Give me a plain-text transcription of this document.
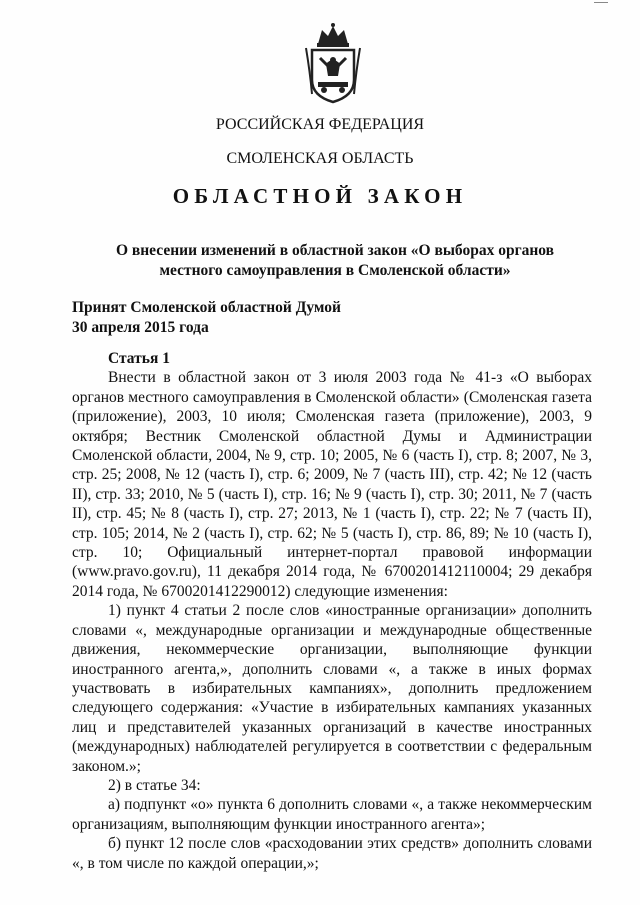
РОССИЙСКАЯ ФЕДЕРАЦИЯ
СМОЛЕНСКАЯ ОБЛАСТЬ
ОБЛАСТНОЙ ЗАКОН
О внесении изменений в областной закон «О выборах органов местного самоуправления в Смоленской области»
Принят Смоленской областной Думой
30 апреля 2015 года
Статья 1

Внести в областной закон от 3 июля 2003 года № 41-з «О выборах органов местного самоуправления в Смоленской области» (Смоленская газета (приложение), 2003, 10 июля; Смоленская газета (приложение), 2003, 9 октября; Вестник Смоленской областной Думы и Администрации Смоленской области, 2004, № 9, стр. 10; 2005, № 6 (часть I), стр. 8; 2007, № 3, стр. 25; 2008, № 12 (часть I), стр. 6; 2009, № 7 (часть III), стр. 42; № 12 (часть II), стр. 33; 2010, № 5 (часть I), стр. 16; № 9 (часть I), стр. 30; 2011, № 7 (часть II), стр. 45; № 8 (часть I), стр. 27; 2013, № 1 (часть I), стр. 22; № 7 (часть II), стр. 105; 2014, № 2 (часть I), стр. 62; № 5 (часть I), стр. 86, 89; № 10 (часть I), стр. 10; Официальный интернет-портал правовой информации (www.pravo.gov.ru), 11 декабря 2014 года, № 6700201412110004; 29 декабря 2014 года, № 6700201412290012) следующие изменения:

1) пункт 4 статьи 2 после слов «иностранные организации» дополнить словами «, международные организации и международные общественные движения, некоммерческие организации, выполняющие функции иностранного агента,», дополнить словами «, а также в иных формах участвовать в избирательных кампаниях», дополнить предложением следующего содержания: «Участие в избирательных кампаниях указанных лиц и представителей указанных организаций в качестве иностранных (международных) наблюдателей регулируется в соответствии с федеральным законом.»;

2) в статье 34:

а) подпункт «о» пункта 6 дополнить словами «, а также некоммерческим организациям, выполняющим функции иностранного агента»;

б) пункт 12 после слов «расходовании этих средств» дополнить словами «, в том числе по каждой операции,»;
